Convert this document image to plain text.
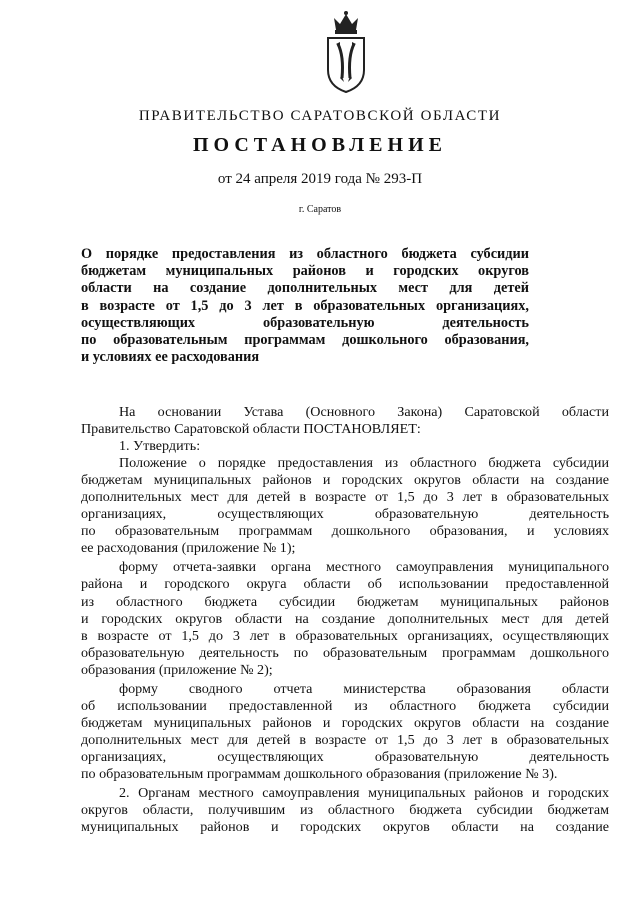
ПРАВИТЕЛЬСТВО САРАТОВСКОЙ ОБЛАСТИ
ПОСТАНОВЛЕНИЕ
от 24 апреля 2019 года № 293-П
г. Саратов
О порядке предоставления из областного бюджета субсидии
бюджетам муниципальных районов и городских округов
области на создание дополнительных мест для детей
в возрасте от 1,5 до 3 лет в образовательных организациях,
осуществляющих образовательную деятельность
по образовательным программам дошкольного образования,
и условиях ее расходования
На основании Устава (Основного Закона) Саратовской области
Правительство Саратовской области ПОСТАНОВЛЯЕТ:
1. Утвердить:
Положение о порядке предоставления из областного бюджета субсидии
бюджетам муниципальных районов и городских округов области на создание
дополнительных мест для детей в возрасте от 1,5 до 3 лет в образовательных
организациях, осуществляющих образовательную деятельность
по образовательным программам дошкольного образования, и условиях
ее расходования (приложение № 1);
форму отчета-заявки органа местного самоуправления муниципального
района и городского округа области об использовании предоставленной
из областного бюджета субсидии бюджетам муниципальных районов
и городских округов области на создание дополнительных мест для детей
в возрасте от 1,5 до 3 лет в образовательных организациях, осуществляющих
образовательную деятельность по образовательным программам дошкольного
образования (приложение № 2);
форму сводного отчета министерства образования области
об использовании предоставленной из областного бюджета субсидии
бюджетам муниципальных районов и городских округов области на создание
дополнительных мест для детей в возрасте от 1,5 до 3 лет в образовательных
организациях, осуществляющих образовательную деятельность
по образовательным программам дошкольного образования (приложение № 3).
2. Органам местного самоуправления муниципальных районов и городских
округов области, получившим из областного бюджета субсидии бюджетам
муниципальных районов и городских округов области на создание
